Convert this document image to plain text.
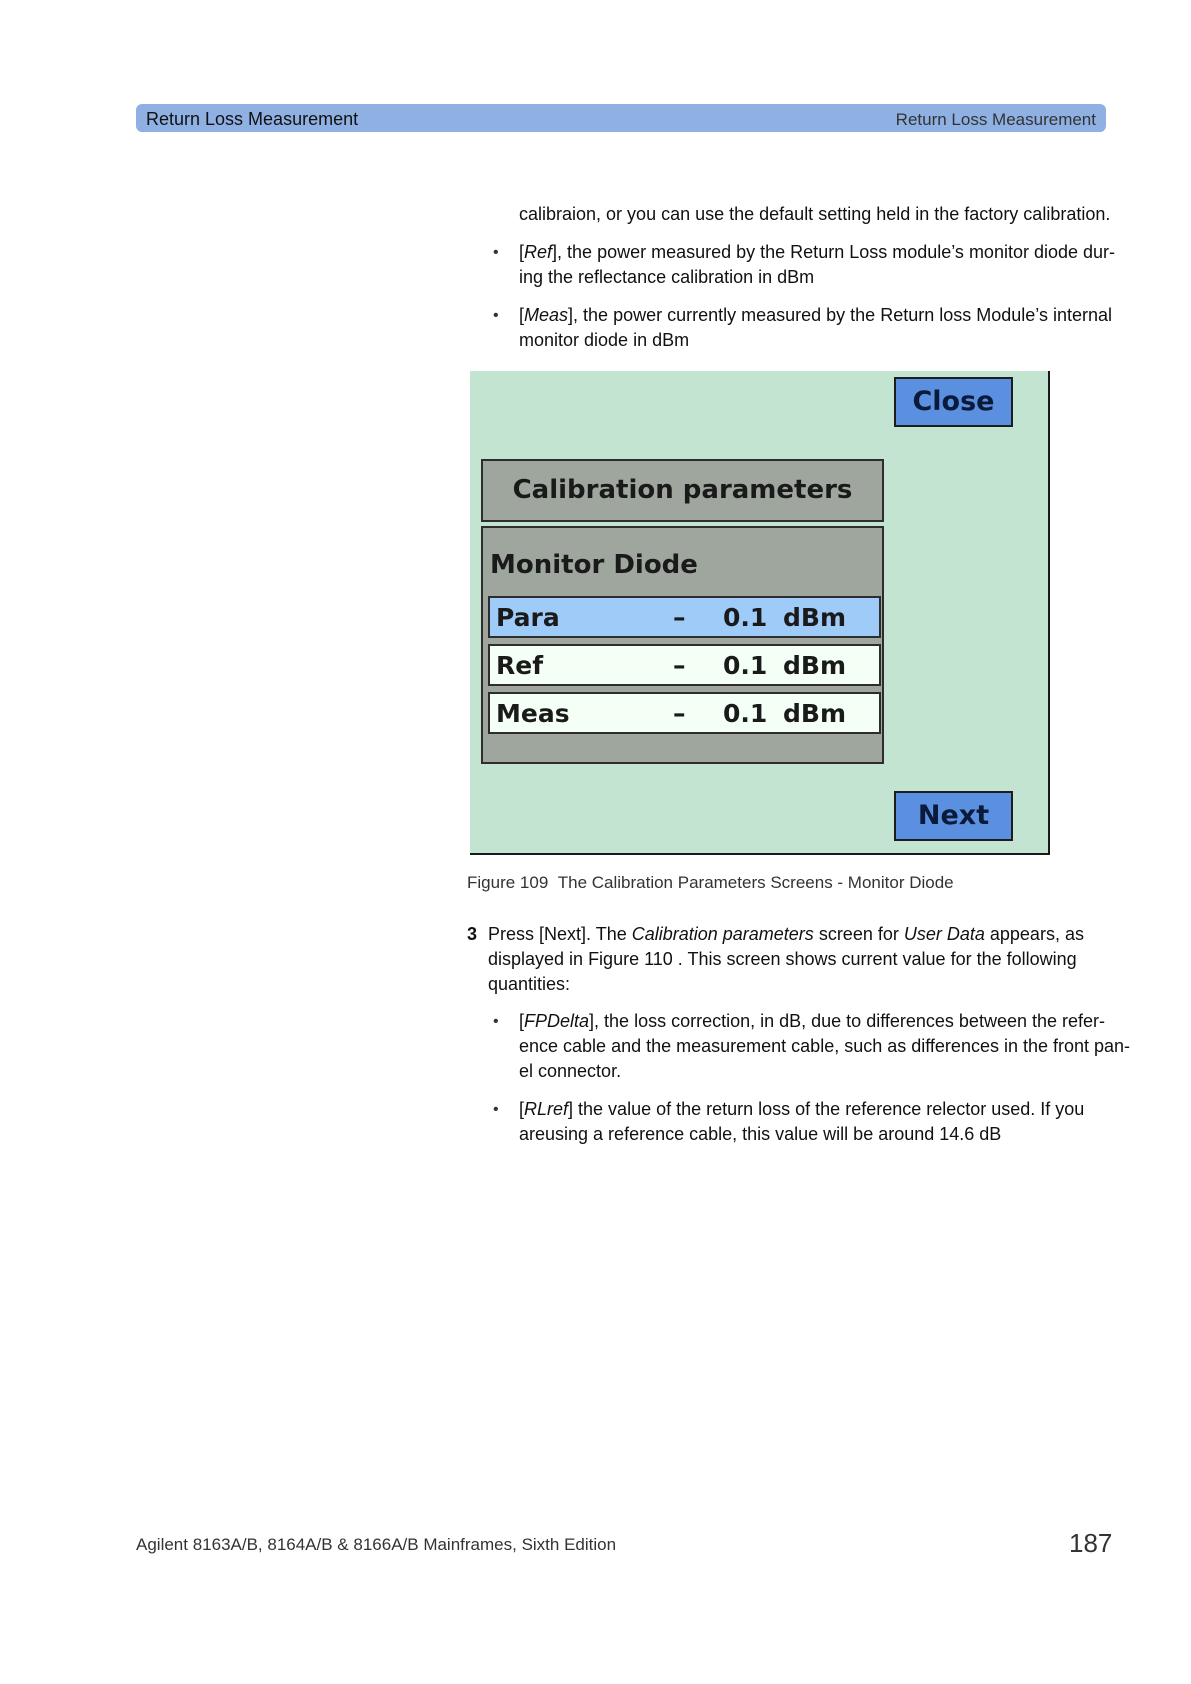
Return Loss Measurement	Return Loss Measurement
calibraion, or you can use the default setting held in the factory calibration.
• [Ref], the power measured by the Return Loss module’s monitor diode dur-
ing the reflectance calibration in dBm
• [Meas], the power currently measured by the Return loss Module’s internal
monitor diode in dBm
Close
Calibration parameters
Monitor Diode
Para	– 0.1 dBm
Ref	– 0.1 dBm
Meas	– 0.1 dBm
Next
Figure 109 The Calibration Parameters Screens - Monitor Diode
3 Press [Next]. The Calibration parameters screen for User Data appears, as
displayed in Figure 110 . This screen shows current value for the following
quantities:
• [FPDelta], the loss correction, in dB, due to differences between the refer-
ence cable and the measurement cable, such as differences in the front pan-
el connector.
• [RLref] the value of the return loss of the reference relector used. If you
areusing a reference cable, this value will be around 14.6 dB
Agilent 8163A/B, 8164A/B & 8166A/B Mainframes, Sixth Edition	187
